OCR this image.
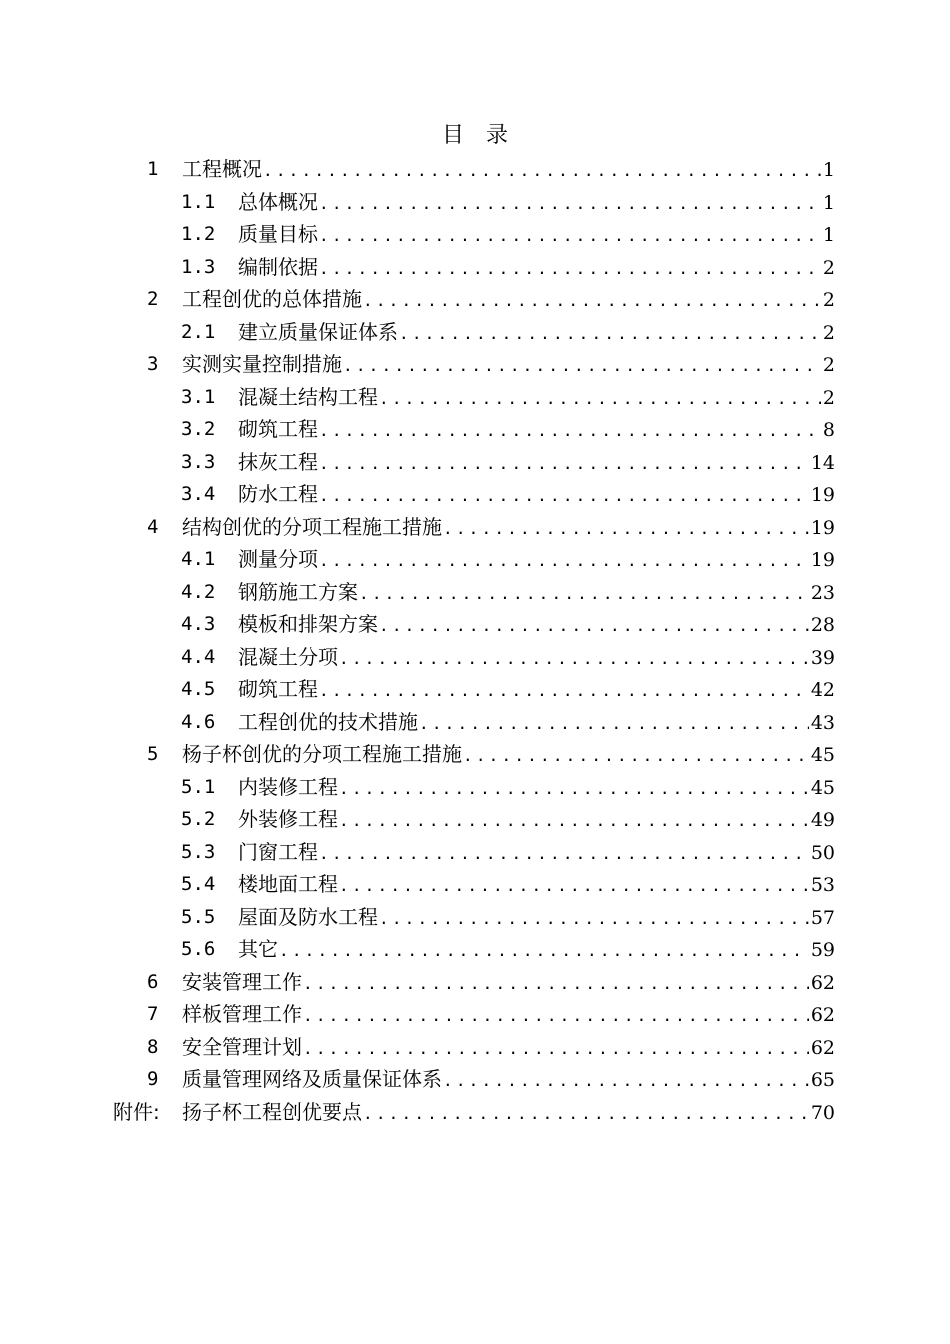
目 录
1 工程概况 .....	1
1.1 总体概况 .....	1
1.2 质量目标 .....	1
1.3 编制依据 .....	2
2 工程创优的总体措施 .....	2
2.1 建立质量保证体系 .....	2
3 实测实量控制措施 .....	2
3.1 混凝土结构工程 .....	2
3.2 砌筑工程 .....	8
3.3 抹灰工程 .....	14
3.4 防水工程 .....	19
4 结构创优的分项工程施工措施 .....	19
4.1 测量分项 .....	19
4.2 钢筋施工方案 .....	23
4.3 模板和排架方案 .....	28
4.4 混凝土分项 .....	39
4.5 砌筑工程 .....	42
4.6 工程创优的技术措施 .....	43
5 杨子杯创优的分项工程施工措施 .....	45
5.1 内装修工程 .....	45
5.2 外装修工程 .....	49
5.3 门窗工程 .....	50
5.4 楼地面工程 .....	53
5.5 屋面及防水工程 .....	57
5.6 其它 .....	59
6 安装管理工作 .....	62
7 样板管理工作 .....	62
8 安全管理计划 .....	62
9 质量管理网络及质量保证体系 .....	65
附件: 扬子杯工程创优要点 .....	70
